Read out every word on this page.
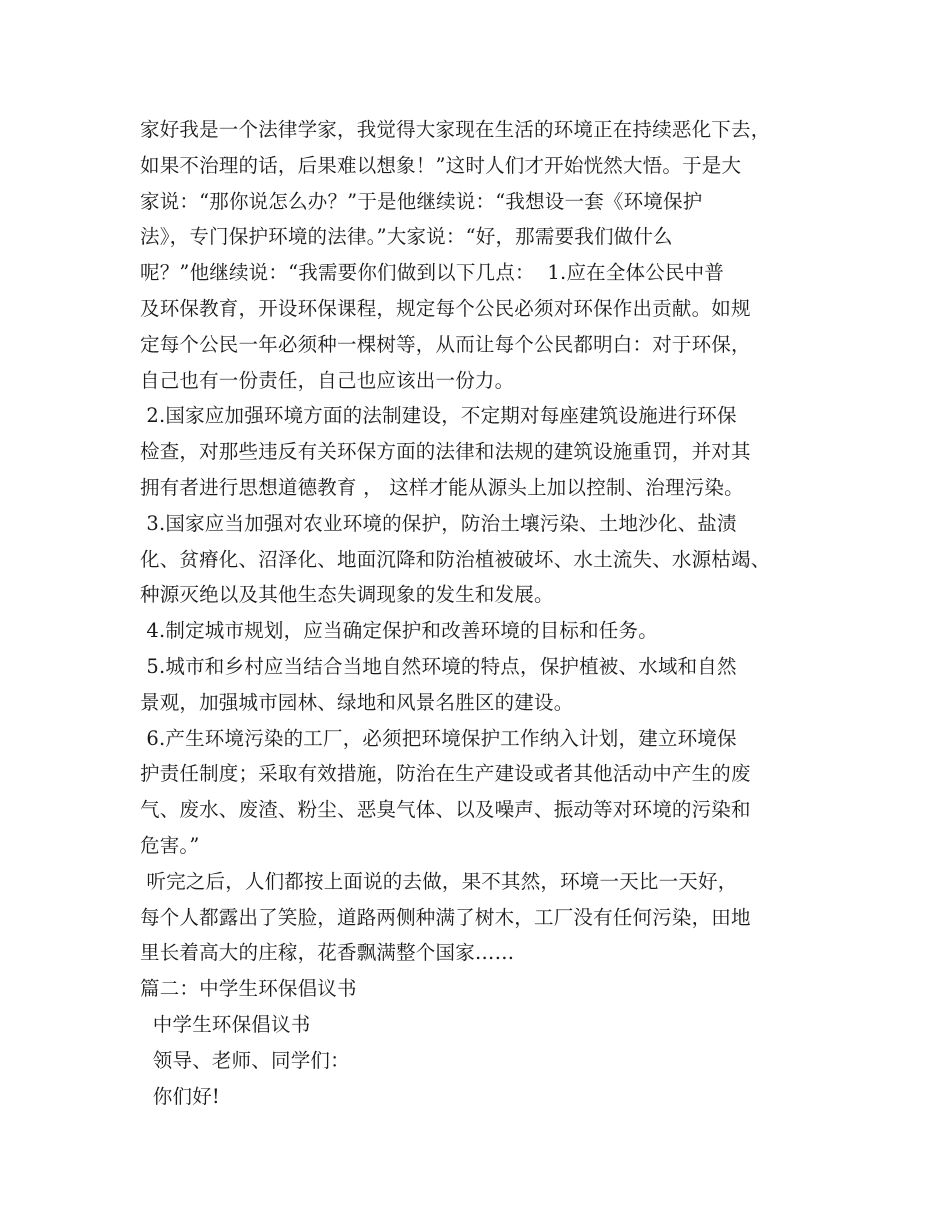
家好我是一个法律学家，我觉得大家现在生活的环境正在持续恶化下去，
如果不治理的话，后果难以想象！”这时人们才开始恍然大悟。于是大
家说：“那你说怎么办？”于是他继续说：“我想设一套《环境保护
法》，专门保护环境的法律。”大家说：“好，那需要我们做什么
呢？”他继续说：“我需要你们做到以下几点：  1.应在全体公民中普
及环保教育，开设环保课程，规定每个公民必须对环保作出贡献。如规
定每个公民一年必须种一棵树等，从而让每个公民都明白：对于环保，
自己也有一份责任，自己也应该出一份力。
2.国家应加强环境方面的法制建设，不定期对每座建筑设施进行环保
检查，对那些违反有关环保方面的法律和法规的建筑设施重罚，并对其
拥有者进行思想道德教育 ， 这样才能从源头上加以控制、治理污染。
3.国家应当加强对农业环境的保护，防治土壤污染、土地沙化、盐渍
化、贫瘠化、沼泽化、地面沉降和防治植被破坏、水土流失、水源枯竭、
种源灭绝以及其他生态失调现象的发生和发展。
4.制定城市规划，应当确定保护和改善环境的目标和任务。
5.城市和乡村应当结合当地自然环境的特点，保护植被、水域和自然
景观，加强城市园林、绿地和风景名胜区的建设。
6.产生环境污染的工厂，必须把环境保护工作纳入计划，建立环境保
护责任制度；采取有效措施，防治在生产建设或者其他活动中产生的废
气、废水、废渣、粉尘、恶臭气体、以及噪声、振动等对环境的污染和
危害。”
听完之后，人们都按上面说的去做，果不其然，环境一天比一天好，
每个人都露出了笑脸，道路两侧种满了树木，工厂没有任何污染，田地
里长着高大的庄稼，花香飘满整个国家……
篇二：中学生环保倡议书
中学生环保倡议书
领导、老师、同学们：
你们好!
